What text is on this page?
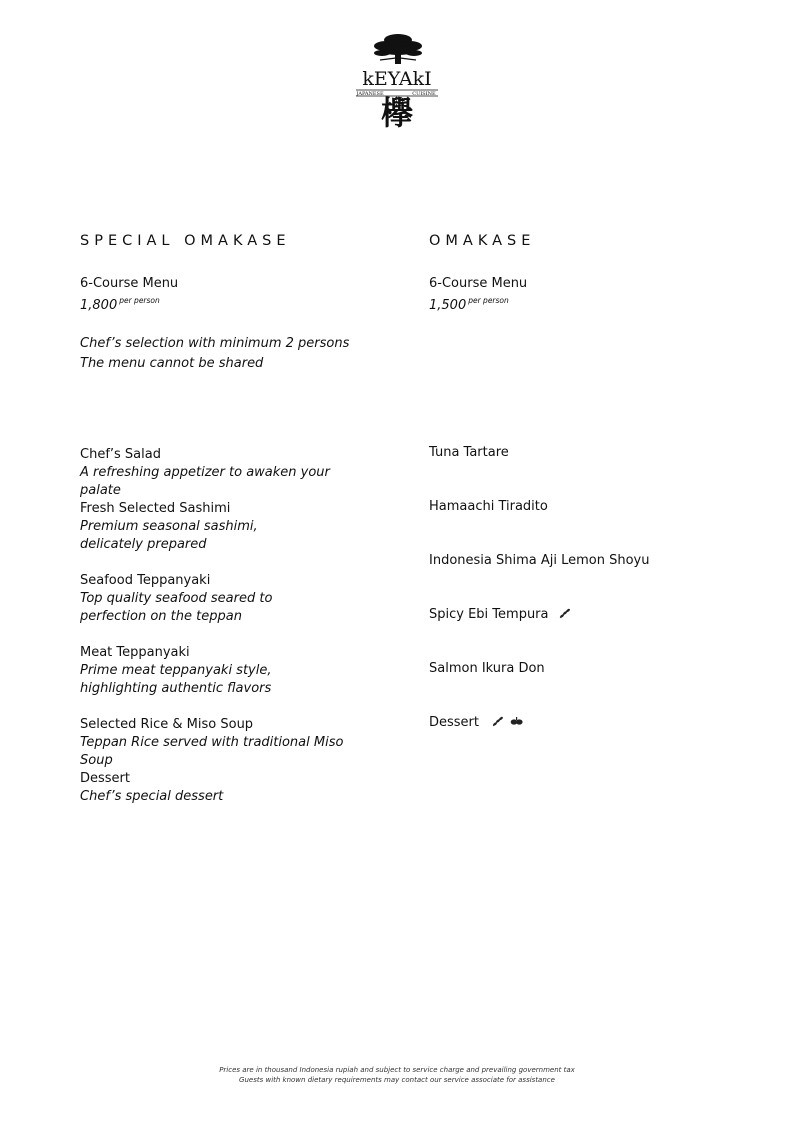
kEYAkI
JAPANESE	CUISINE
欅
SPECIAL OMAKASE
6-Course Menu
1,800 $^{per person}$
Chef’s selection with minimum 2 persons
The menu cannot be shared
Chef’s Salad
A refreshing appetizer to awaken your palate
Fresh Selected Sashimi
Premium seasonal sashimi, delicately prepared
Seafood Teppanyaki
Top quality seafood seared to perfection on the teppan
Meat Teppanyaki
Prime meat teppanyaki style, highlighting authentic flavors
Selected Rice & Miso Soup
Teppan Rice served with traditional Miso Soup
Dessert
Chef’s special dessert
OMAKASE
6-Course Menu
1,500 $^{per person}$
Tuna Tartare
Hamaachi Tiradito
Indonesia Shima Aji Lemon Shoyu
Spicy Ebi Tempura
Salmon Ikura Don
Dessert

Prices are in thousand Indonesia rupiah and subject to service charge and prevailing government tax
Guests with known dietary requirements may contact our service associate for assistance
